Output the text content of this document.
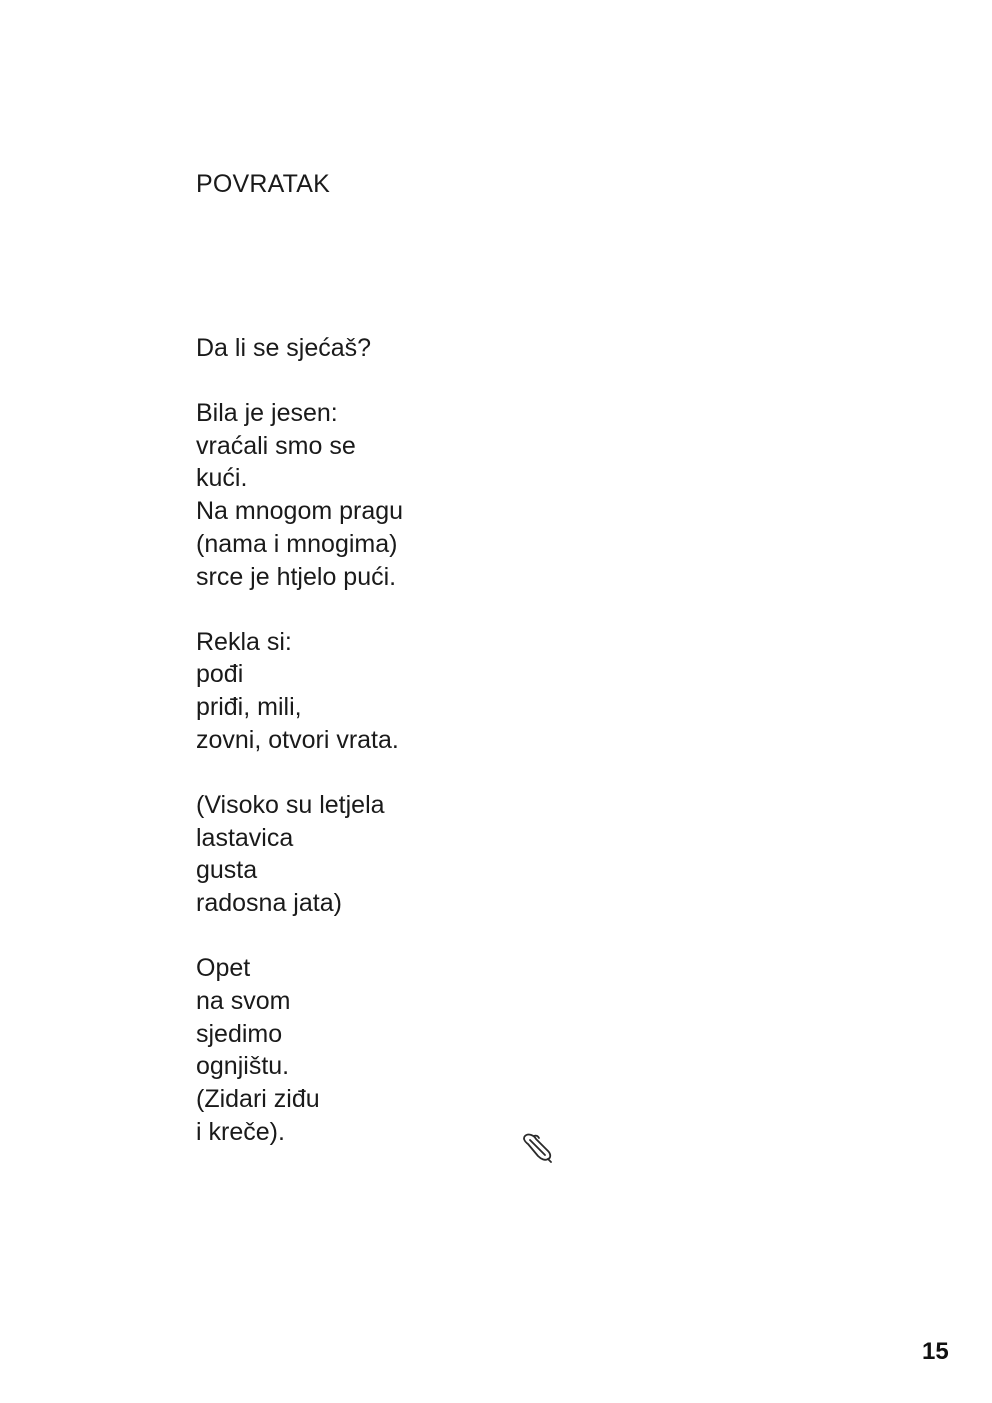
POVRATAK
Da li se sjećaš?
Bila je jesen:
vraćali smo se
kući.
Na mnogom pragu
(nama i mnogima)
srce je htjelo pući.
Rekla si:
pođi
priđi, mili,
zovni, otvori vrata.
(Visoko su letjela
lastavica
gusta
radosna jata)
Opet
na svom
sjedimo
ognjištu.
(Zidari ziđu
i kreče).
15
